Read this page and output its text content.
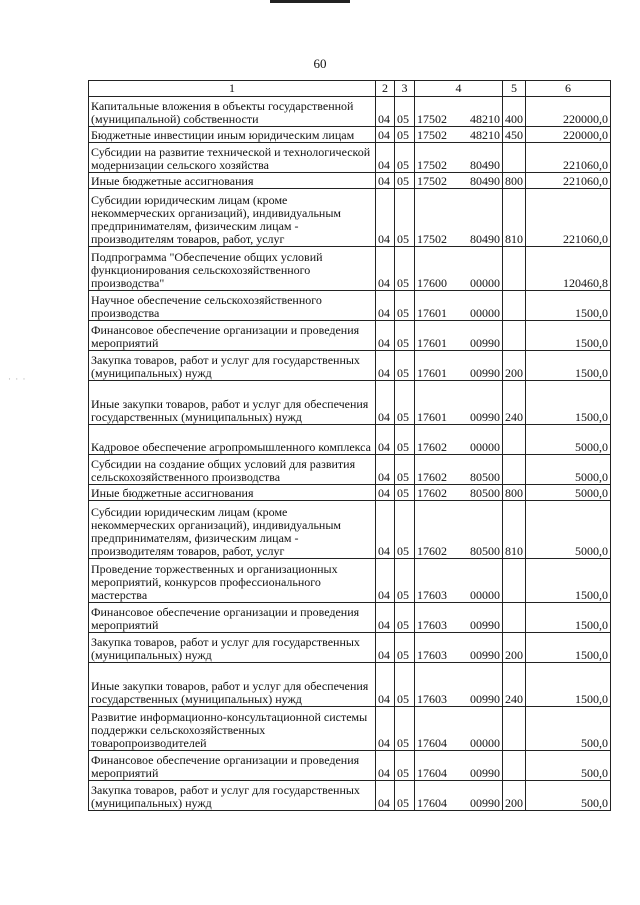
60
· · ·
1	2	3	4	5	6
Капитальные вложения в объекты государственной (муниципальной) собственности	04	05	17502 48210	400	220000,0
Бюджетные инвестиции иным юридическим лицам	04	05	17502 48210	450	220000,0
Субсидии на развитие технической и технологической модернизации сельского хозяйства	04	05	17502 80490		221060,0
Иные бюджетные ассигнования	04	05	17502 80490	800	221060,0
Субсидии юридическим лицам (кроме некоммерческих организаций), индивидуальным предпринимателям, физическим лицам - производителям товаров, работ, услуг	04	05	17502 80490	810	221060,0
Подпрограмма "Обеспечение общих условий функционирования сельскохозяйственного производства"	04	05	17600 00000		120460,8
Научное обеспечение сельскохозяйственного производства	04	05	17601 00000		1500,0
Финансовое обеспечение организации и проведения мероприятий	04	05	17601 00990		1500,0
Закупка товаров, работ и услуг для государственных (муниципальных) нужд	04	05	17601 00990	200	1500,0
Иные закупки товаров, работ и услуг для обеспечения государственных (муниципальных) нужд	04	05	17601 00990	240	1500,0
Кадровое обеспечение агропромышленного комплекса	04	05	17602 00000		5000,0
Субсидии на создание общих условий для развития сельскохозяйственного производства	04	05	17602 80500		5000,0
Иные бюджетные ассигнования	04	05	17602 80500	800	5000,0
Субсидии юридическим лицам (кроме некоммерческих организаций), индивидуальным предпринимателям, физическим лицам - производителям товаров, работ, услуг	04	05	17602 80500	810	5000,0
Проведение торжественных и организационных мероприятий, конкурсов профессионального мастерства	04	05	17603 00000		1500,0
Финансовое обеспечение организации и проведения мероприятий	04	05	17603 00990		1500,0
Закупка товаров, работ и услуг для государственных (муниципальных) нужд	04	05	17603 00990	200	1500,0
Иные закупки товаров, работ и услуг для обеспечения государственных (муниципальных) нужд	04	05	17603 00990	240	1500,0
Развитие информационно-консультационной системы поддержки сельскохозяйственных товаропроизводителей	04	05	17604 00000		500,0
Финансовое обеспечение организации и проведения мероприятий	04	05	17604 00990		500,0
Закупка товаров, работ и услуг для государственных (муниципальных) нужд	04	05	17604 00990	200	500,0
